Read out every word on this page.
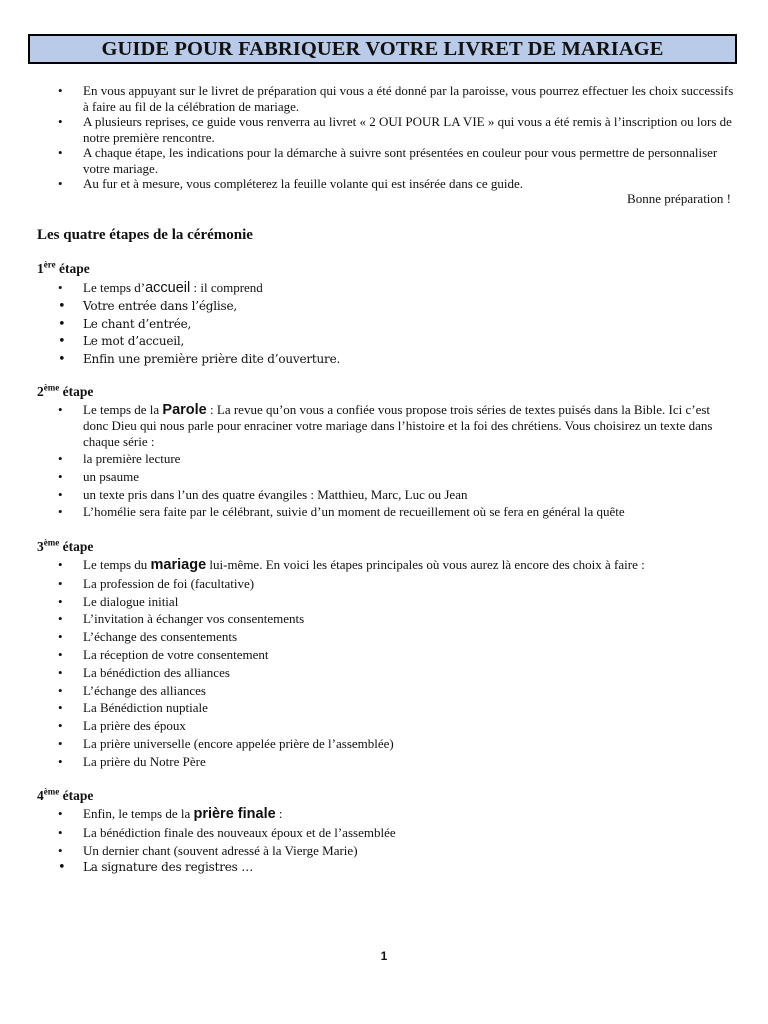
GUIDE POUR FABRIQUER VOTRE LIVRET DE MARIAGE
• En vous appuyant sur le livret de préparation qui vous a été donné par la paroisse, vous pourrez effectuer les choix successifs à faire au fil de la célébration de mariage.
• A plusieurs reprises, ce guide vous renverra au livret « 2 OUI POUR LA VIE » qui vous a été remis à l’inscription ou lors de notre première rencontre.
• A chaque étape, les indications pour la démarche à suivre sont présentées en couleur pour vous permettre de personnaliser votre mariage.
• Au fur et à mesure, vous compléterez la feuille volante qui est insérée dans ce guide.
Bonne préparation !
Les quatre étapes de la cérémonie
1ère étape
• Le temps d’accueil : il comprend
• Votre entrée dans l’église,
• Le chant d’entrée,
• Le mot d’accueil,
• Enfin une première prière dite d’ouverture.
2ème étape
• Le temps de la Parole : La revue qu’on vous a confiée vous propose trois séries de textes puisés dans la Bible. Ici c’est donc Dieu qui nous parle pour enraciner votre mariage dans l’histoire et la foi des chrétiens. Vous choisirez un texte dans chaque série :
• la première lecture
• un psaume
• un texte pris dans l’un des quatre évangiles : Matthieu, Marc, Luc ou Jean
• L’homélie sera faite par le célébrant, suivie d’un moment de recueillement où se fera en général la quête
3ème étape
• Le temps du mariage lui-même. En voici les étapes principales où vous aurez là encore des choix à faire :
• La profession de foi (facultative)
• Le dialogue initial
• L’invitation à échanger vos consentements
• L’échange des consentements
• La réception de votre consentement
• La bénédiction des alliances
• L’échange des alliances
• La Bénédiction nuptiale
• La prière des époux
• La prière universelle (encore appelée prière de l’assemblée)
• La prière du Notre Père
4ème étape
• Enfin, le temps de la prière finale :
• La bénédiction finale des nouveaux époux et de l’assemblée
• Un dernier chant (souvent adressé à la Vierge Marie)
• La signature des registres …
1
